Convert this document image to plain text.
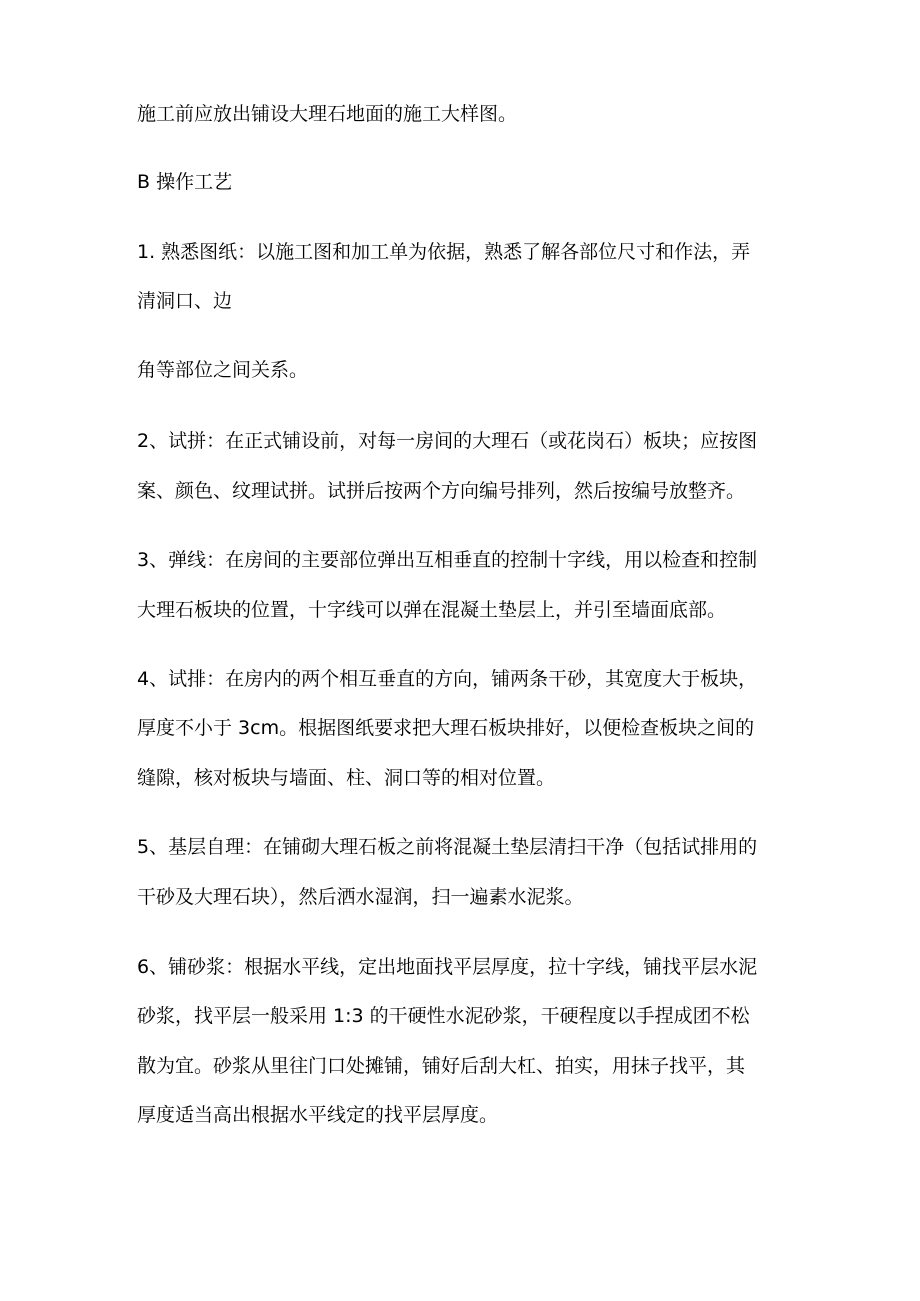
施工前应放出铺设大理石地面的施工大样图。

B 操作工艺

1. 熟悉图纸：以施工图和加工单为依据，熟悉了解各部位尺寸和作法，弄

清洞口、边

角等部位之间关系。

2、试拼：在正式铺设前，对每一房间的大理石（或花岗石）板块；应按图

案、颜色、纹理试拼。试拼后按两个方向编号排列，然后按编号放整齐。

3、弹线：在房间的主要部位弹出互相垂直的控制十字线，用以检查和控制

大理石板块的位置，十字线可以弹在混凝土垫层上，并引至墙面底部。

4、试排：在房内的两个相互垂直的方向，铺两条干砂，其宽度大于板块，

厚度不小于 3cm。根据图纸要求把大理石板块排好，以便检查板块之间的

缝隙，核对板块与墙面、柱、洞口等的相对位置。

5、基层自理：在铺砌大理石板之前将混凝土垫层清扫干净（包括试排用的

干砂及大理石块），然后洒水湿润，扫一遍素水泥浆。

6、铺砂浆：根据水平线，定出地面找平层厚度，拉十字线，铺找平层水泥

砂浆，找平层一般采用 1:3 的干硬性水泥砂浆，干硬程度以手捏成团不松

散为宜。砂浆从里往门口处摊铺，铺好后刮大杠、拍实，用抹子找平，其

厚度适当高出根据水平线定的找平层厚度。
